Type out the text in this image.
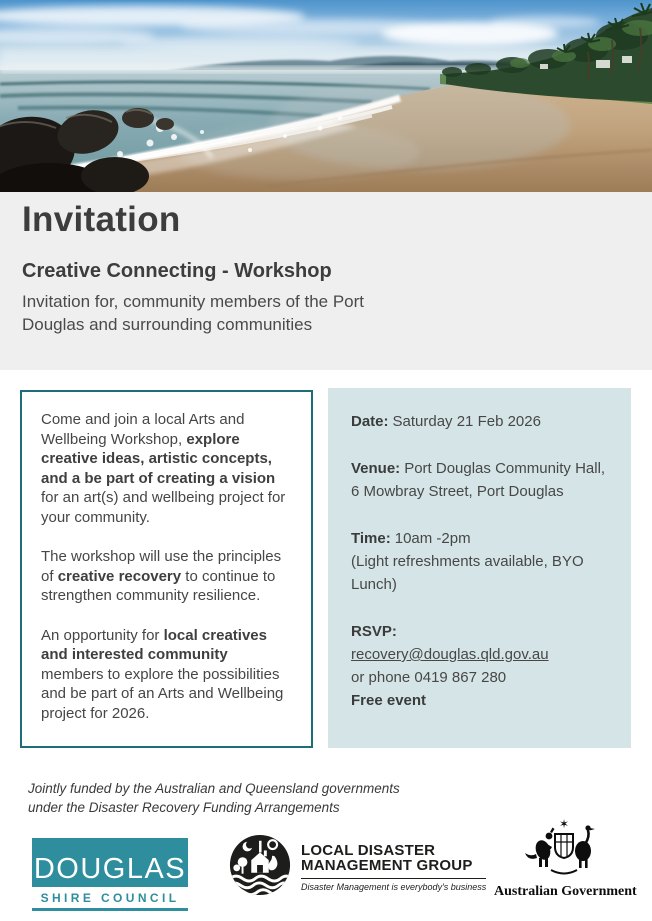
Invitation
Creative Connecting - Workshop

Invitation for, community members of the Port Douglas and surrounding communities

Come and join a local Arts and Wellbeing Workshop, explore creative ideas, artistic concepts, and a be part of creating a vision for an art(s) and wellbeing project for your community.

The workshop will use the principles of creative recovery to continue to strengthen community resilience.

An opportunity for local creatives and interested community members to explore the possibilities and be part of an Arts and Wellbeing project for 2026.

Date: Saturday 21 Feb 2026

Venue: Port Douglas Community Hall, 6 Mowbray Street, Port Douglas

Time: 10am -2pm

(Light refreshments available, BYO Lunch)

RSVP:

recovery@douglas.qld.gov.au

or phone 0419 867 280

Free event

Jointly funded by the Australian and Queensland governments
under the Disaster Recovery Funding Arrangements
DOUGLAS
SHIRE COUNCIL
LOCAL DISASTER
MANAGEMENT GROUP
Disaster Management is everybody's business
✶
Australian Government
